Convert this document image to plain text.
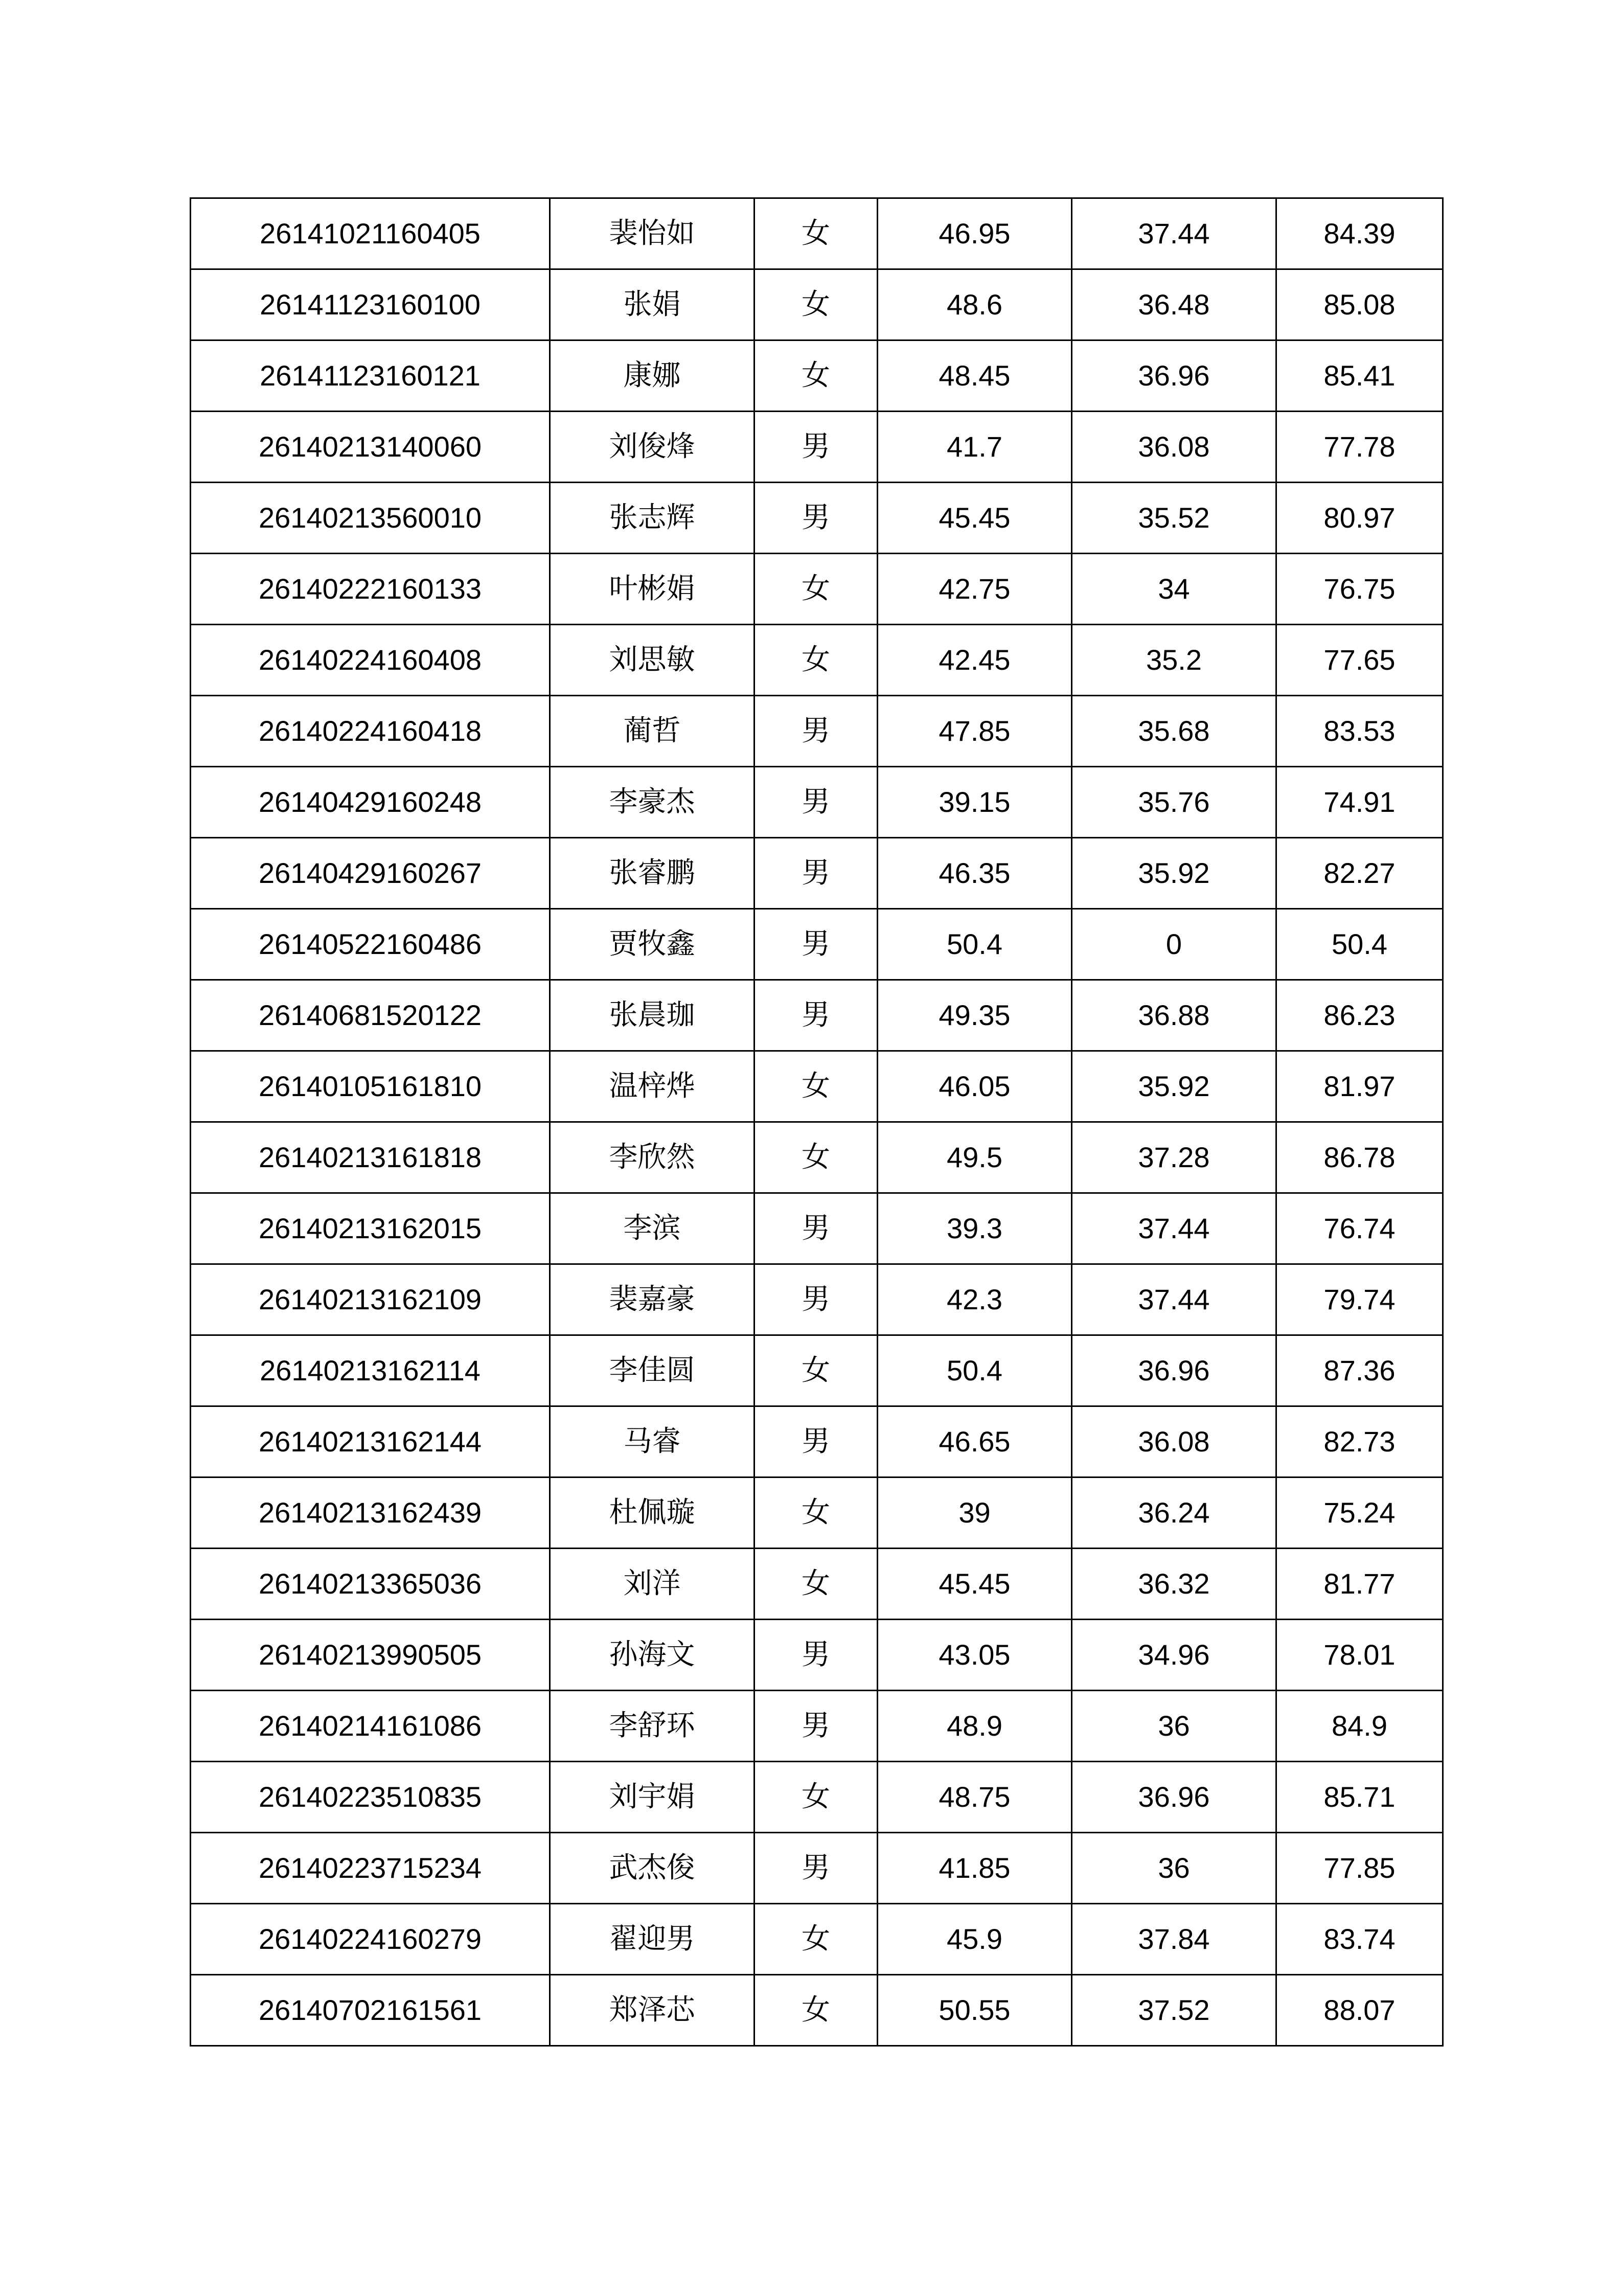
26141021160405	裴怡如	女	46.95	37.44	84.39
26141123160100	张娟	女	48.6	36.48	85.08
26141123160121	康娜	女	48.45	36.96	85.41
26140213140060	刘俊烽	男	41.7	36.08	77.78
26140213560010	张志辉	男	45.45	35.52	80.97
26140222160133	叶彬娟	女	42.75	34	76.75
26140224160408	刘思敏	女	42.45	35.2	77.65
26140224160418	蔺哲	男	47.85	35.68	83.53
26140429160248	李豪杰	男	39.15	35.76	74.91
26140429160267	张睿鹏	男	46.35	35.92	82.27
26140522160486	贾牧鑫	男	50.4	0	50.4
26140681520122	张晨珈	男	49.35	36.88	86.23
26140105161810	温梓烨	女	46.05	35.92	81.97
26140213161818	李欣然	女	49.5	37.28	86.78
26140213162015	李滨	男	39.3	37.44	76.74
26140213162109	裴嘉豪	男	42.3	37.44	79.74
26140213162114	李佳圆	女	50.4	36.96	87.36
26140213162144	马睿	男	46.65	36.08	82.73
26140213162439	杜佩璇	女	39	36.24	75.24
26140213365036	刘洋	女	45.45	36.32	81.77
26140213990505	孙海文	男	43.05	34.96	78.01
26140214161086	李舒环	男	48.9	36	84.9
26140223510835	刘宇娟	女	48.75	36.96	85.71
26140223715234	武杰俊	男	41.85	36	77.85
26140224160279	翟迎男	女	45.9	37.84	83.74
26140702161561	郑泽芯	女	50.55	37.52	88.07
